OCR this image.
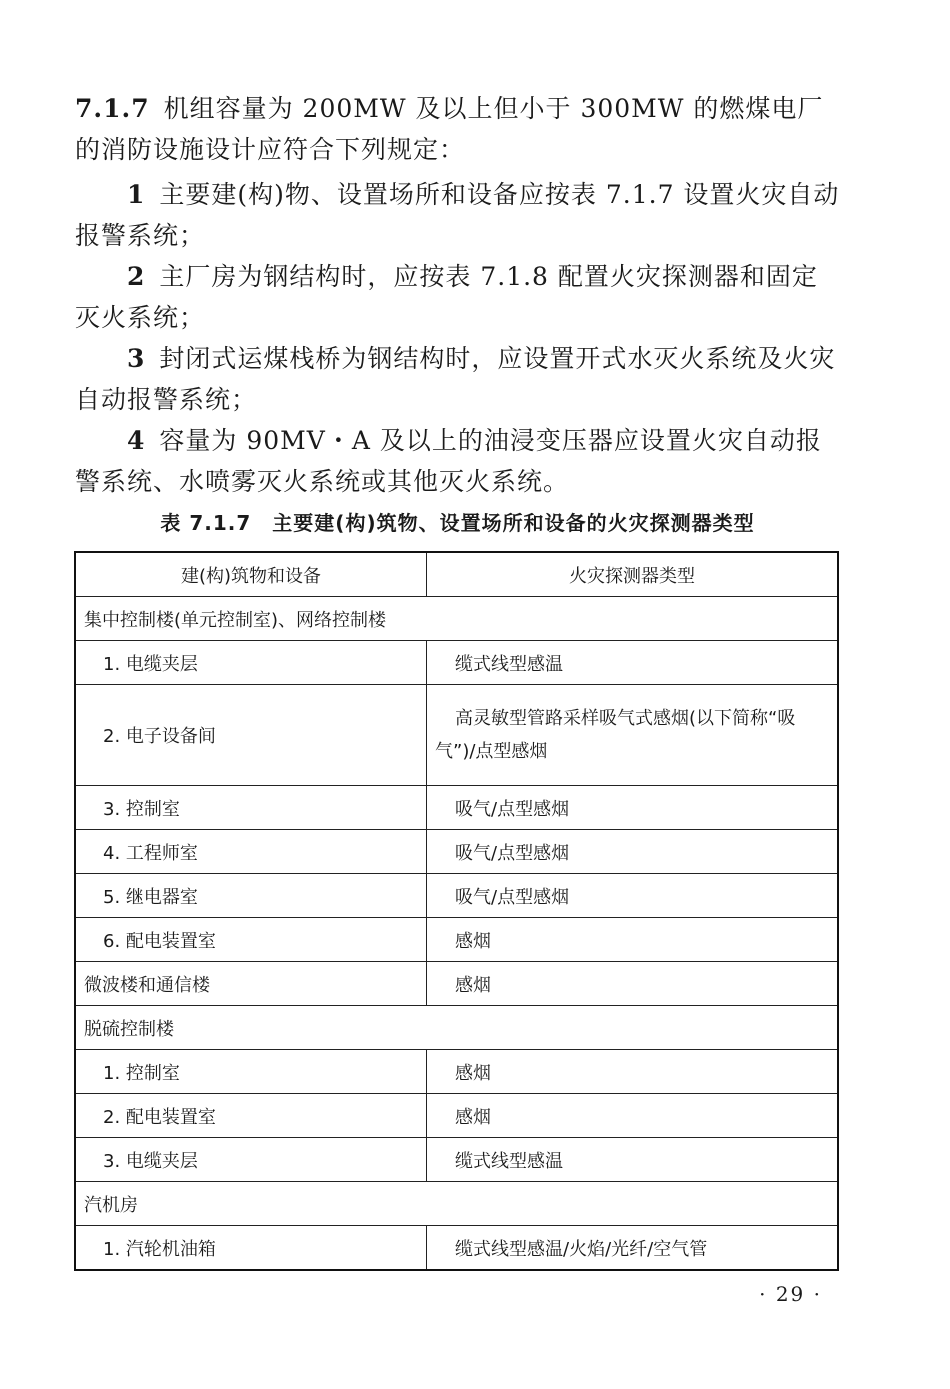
7.1.7 机组容量为 200MW 及以上但小于 300MW 的燃煤电厂的消防设施设计应符合下列规定：

1 主要建(构)物、设置场所和设备应按表 7.1.7 设置火灾自动报警系统；

2 主厂房为钢结构时，应按表 7.1.8 配置火灾探测器和固定灭火系统；

3 封闭式运煤栈桥为钢结构时，应设置开式水灭火系统及火灾自动报警系统；

4 容量为 90MV・A 及以上的油浸变压器应设置火灾自动报警系统、水喷雾灭火系统或其他灭火系统。

表 7.1.7　主要建(构)筑物、设置场所和设备的火灾探测器类型
建(构)筑物和设备	火灾探测器类型
集中控制楼(单元控制室)、网络控制楼	
1. 电缆夹层	缆式线型感温
2. 电子设备间	高灵敏型管路采样吸气式感烟(以下简称“吸气”)/点型感烟
3. 控制室	吸气/点型感烟
4. 工程师室	吸气/点型感烟
5. 继电器室	吸气/点型感烟
6. 配电装置室	感烟
微波楼和通信楼	感烟
脱硫控制楼	
1. 控制室	感烟
2. 配电装置室	感烟
3. 电缆夹层	缆式线型感温
汽机房	
1. 汽轮机油箱	缆式线型感温/火焰/光纤/空气管
· 29 ·
